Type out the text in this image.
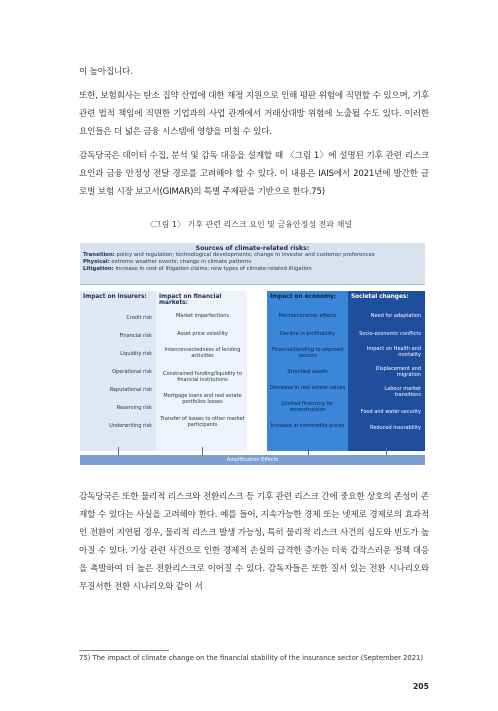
이 높아집니다.

또한, 보험회사는 탄소 집약 산업에 대한 재정 지원으로 인해 평판 위험에 직면할 수 있으며, 기후 관련 법적 책임에 직면한 기업과의 사업 관계에서 거래상대방 위험에 노출될 수도 있다. 이러한 요인들은 더 넓은 금융 시스템에 영향을 미칠 수 있다.

감독당국은 데이터 수집, 분석 및 감독 대응을 설계할 때 〈그림 1〉에 설명된 기후 관련 리스크 요인과 금융 안정성 전달 경로를 고려해야 할 수 있다. 이 내용은 IAIS에서 2021년에 발간한 글로벌 보험 시장 보고서(GIMAR)의 특별 주제판을 기반으로 한다.75)

〈그림 1〉 기후 관련 리스크 요인 및 금융안정성 전파 채널
Sources of climate-related risks:
Transition: policy and regulation; technological developments; change in investor and customer preferences
Physical: extreme weather events; change in climate patterns
Litigation: increase in cost of litigation claims; new types of climate-related litigation
Impact on insurers:
Credit risk
Financial risk
Liquidity risk
Operational risk
Reputational risk
Reserving risk
Underwriting risk
Impact on financial markets:
Market imperfections
Asset price volatility
Interconnectedness of lending activities
Constrained funding/liquidity to financial institutions
Mortgage loans and real estate portfolios losses
Transfer of losses to other market participants
Impact on economy:
Macroeconomic effects
Decline in profitability
Financial/lending to exposed sectors
Stranded assets
Decrease in real estate values
Limited financing for reconstruction
Increase in commodity prices
Societal changes:
Need for adaptation
Socio-economic conflicts
Impact on Health and mortality
Displacement and migration
Labour market transitions
Food and water security
Reduced insurability
Amplification Effects

감독당국은 또한 물리적 리스크와 전환리스크 등 기후 관련 리스크 간에 중요한 상호의 존성이 존재할 수 있다는 사실을 고려해야 한다. 예를 들어, 지속가능한 경제 또는 넷제로 경제로의 효과적인 전환이 지연될 경우, 물리적 리스크 발생 가능성, 특히 물리적 리스크 사건의 심도와 빈도가 높아질 수 있다. 기상 관련 사건으로 인한 경제적 손실의 급격한 증가는 더욱 갑작스러운 정책 대응을 촉발하여 더 높은 전환리스크로 이어질 수 있다. 감독자들은 또한 질서 있는 전환 시나리오와 무질서한 전환 시나리오와 같이 서

75) The impact of climate change on the financial stability of the insurance sector (September 2021)
205
